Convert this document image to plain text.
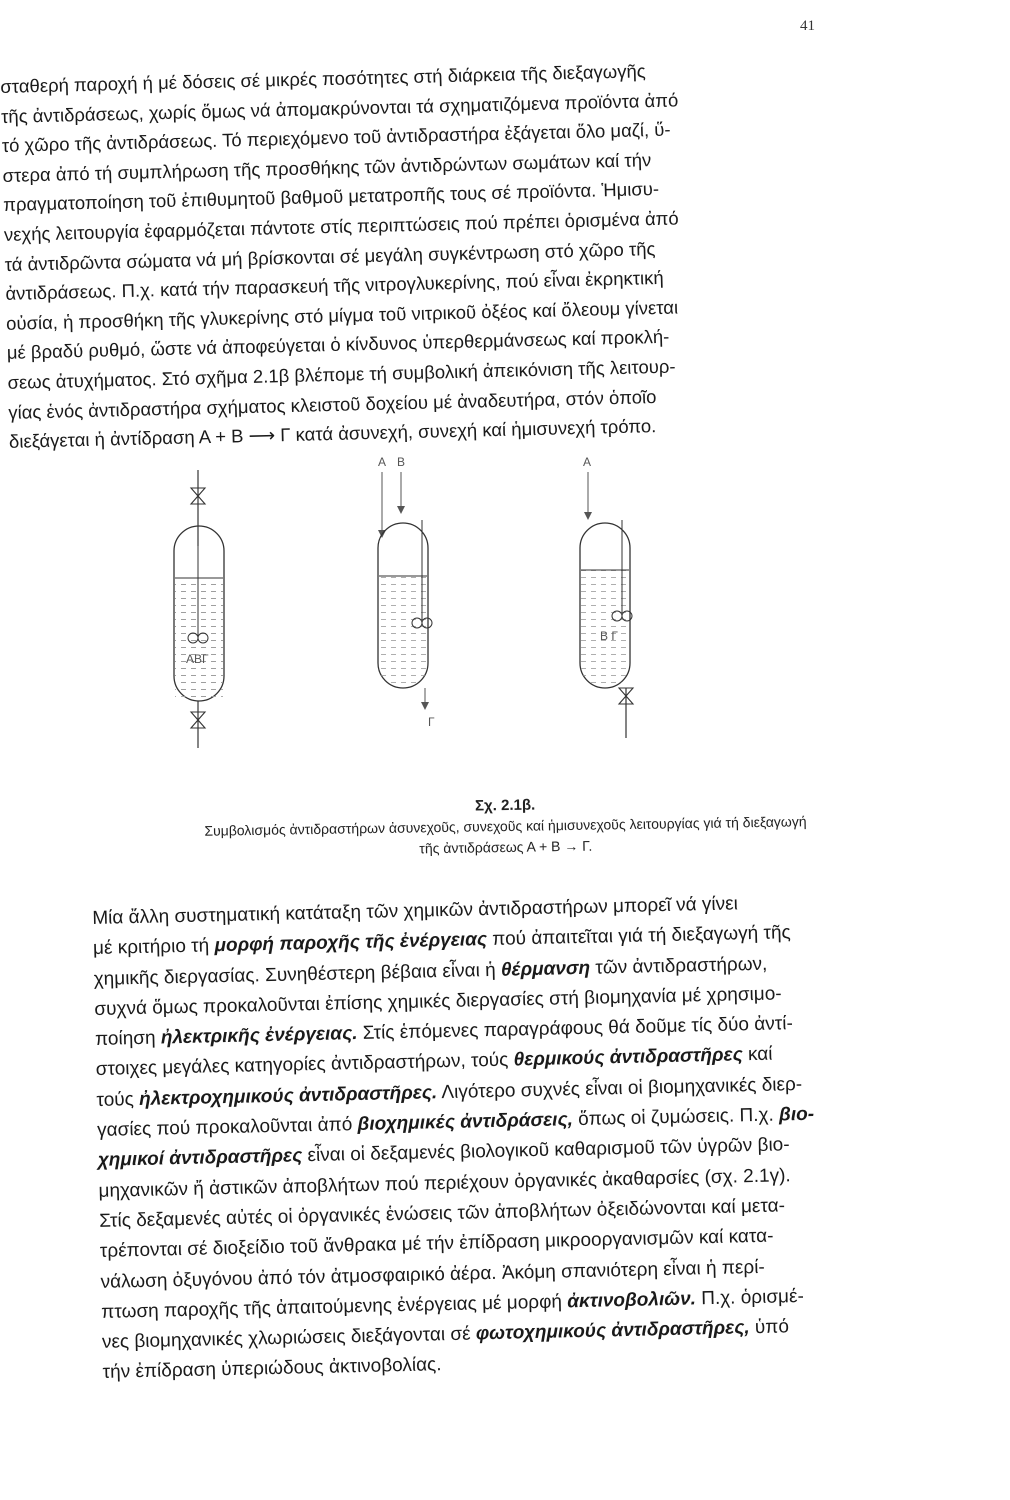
41
σταθερή παροχή ή μέ δόσεις σέ μικρές ποσότητες στή διάρκεια τῆς διεξαγωγῆς
τῆς ἀντιδράσεως, χωρίς ὅμως νά ἀπομακρύνονται τά σχηματιζόμενα προϊόντα ἀπό
τό χῶρο τῆς ἀντιδράσεως. Τό περιεχόμενο τοῦ ἀντιδραστήρα ἐξάγεται ὅλο μαζί, ὕ-
στερα ἀπό τή συμπλήρωση τῆς προσθήκης τῶν ἀντιδρώντων σωμάτων καί τήν
πραγματοποίηση τοῦ ἐπιθυμητοῦ βαθμοῦ μετατροπῆς τους σέ προϊόντα. Ἡμισυ-
νεχής λειτουργία ἐφαρμόζεται πάντοτε στίς περιπτώσεις πού πρέπει ὁρισμένα ἀπό
τά ἀντιδρῶντα σώματα νά μή βρίσκονται σέ μεγάλη συγκέντρωση στό χῶρο τῆς
ἀντιδράσεως. Π.χ. κατά τήν παρασκευή τῆς νιτρογλυκερίνης, πού εἶναι ἐκρηκτική
οὐσία, ἡ προσθήκη τῆς γλυκερίνης στό μίγμα τοῦ νιτρικοῦ ὀξέος καί ὄλεουμ γίνεται
μέ βραδύ ρυθμό, ὥστε νά ἀποφεύγεται ὁ κίνδυνος ὑπερθερμάνσεως καί προκλή-
σεως ἀτυχήματος. Στό σχῆμα 2.1β βλέπομε τή συμβολική ἀπεικόνιση τῆς λειτουρ-
γίας ἑνός ἀντιδραστήρα σχήματος κλειστοῦ δοχείου μέ ἀναδευτήρα, στόν ὁποῖο
διεξάγεται ἡ ἀντίδραση Α + Β ⟶ Γ κατά ἀσυνεχή, συνεχή καί ἡμισυνεχή τρόπο.
ΑΒΓ
Α Β
Γ
Α
Β Γ
Σχ. 2.1β.
Συμβολισμός ἀντιδραστήρων ἀσυνεχοῦς, συνεχοῦς καί ἡμισυνεχοῦς λειτουργίας γιά τή διεξαγωγή
τῆς ἀντιδράσεως Α + Β → Γ.
Μία ἄλλη συστηματική κατάταξη τῶν χημικῶν ἀντιδραστήρων μπορεῖ νά γίνει
μέ κριτήριο τή μορφή παροχῆς τῆς ἐνέργειας πού ἀπαιτεῖται γιά τή διεξαγωγή τῆς
χημικῆς διεργασίας. Συνηθέστερη βέβαια εἶναι ἡ θέρμανση τῶν ἀντιδραστήρων,
συχνά ὅμως προκαλοῦνται ἐπίσης χημικές διεργασίες στή βιομηχανία μέ χρησιμο-
ποίηση ἠλεκτρικῆς ἐνέργειας. Στίς ἑπόμενες παραγράφους θά δοῦμε τίς δύο ἀντί-
στοιχες μεγάλες κατηγορίες ἀντιδραστήρων, τούς θερμικούς ἀντιδραστῆρες καί
τούς ἠλεκτροχημικούς ἀντιδραστῆρες. Λιγότερο συχνές εἶναι οἱ βιομηχανικές διερ-
γασίες πού προκαλοῦνται ἀπό βιοχημικές ἀντιδράσεις, ὅπως οἱ ζυμώσεις. Π.χ. βιο-
χημικοί ἀντιδραστῆρες εἶναι οἱ δεξαμενές βιολογικοῦ καθαρισμοῦ τῶν ὑγρῶν βιο-
μηχανικῶν ἤ ἀστικῶν ἀποβλήτων πού περιέχουν ὀργανικές ἀκαθαρσίες (σχ. 2.1γ).
Στίς δεξαμενές αὐτές οἱ ὀργανικές ἑνώσεις τῶν ἀποβλήτων ὀξειδώνονται καί μετα-
τρέπονται σέ διοξείδιο τοῦ ἄνθρακα μέ τήν ἐπίδραση μικροοργανισμῶν καί κατα-
νάλωση ὀξυγόνου ἀπό τόν ἀτμοσφαιρικό ἀέρα. Ἀκόμη σπανιότερη εἶναι ἡ περί-
πτωση παροχῆς τῆς ἀπαιτούμενης ἐνέργειας μέ μορφή ἀκτινοβολιῶν. Π.χ. ὁρισμέ-
νες βιομηχανικές χλωριώσεις διεξάγονται σέ φωτοχημικούς ἀντιδραστῆρες, ὑπό
τήν ἐπίδραση ὑπεριώδους ἀκτινοβολίας.
